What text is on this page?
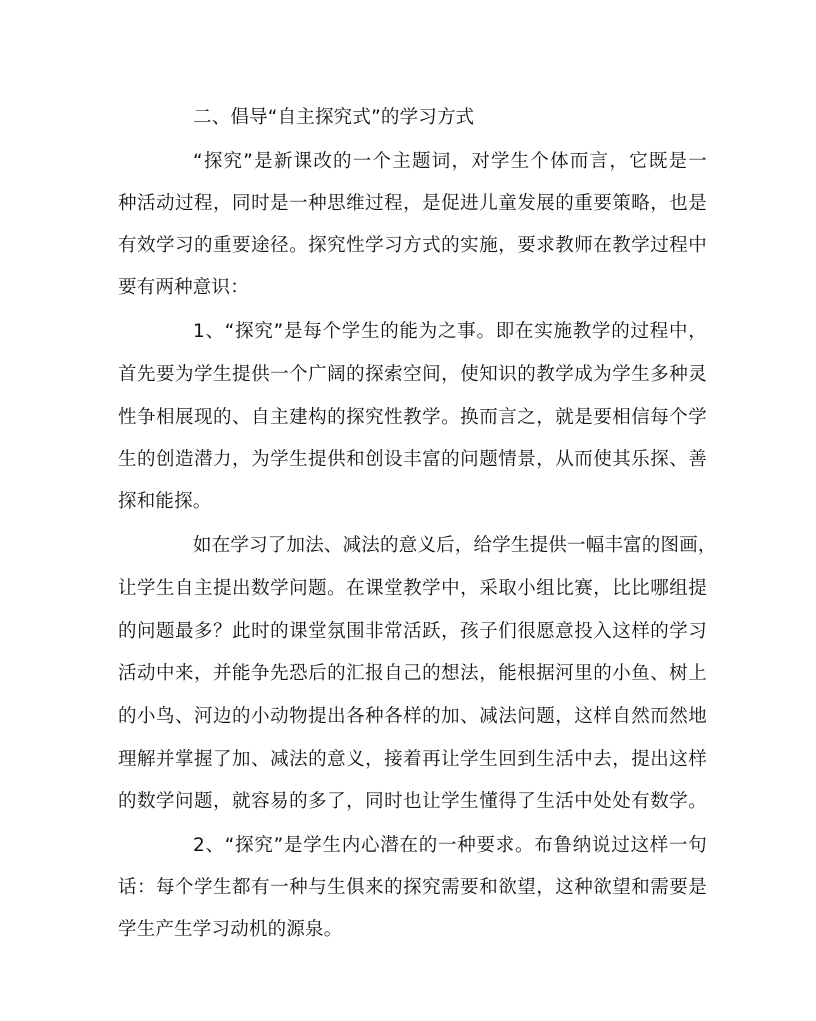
二、倡导“自主探究式”的学习方式
“探究”是新课改的一个主题词，对学生个体而言，它既是一
种活动过程，同时是一种思维过程，是促进儿童发展的重要策略，也是
有效学习的重要途径。探究性学习方式的实施，要求教师在教学过程中
要有两种意识：
1、“探究”是每个学生的能为之事。即在实施教学的过程中，
首先要为学生提供一个广阔的探索空间，使知识的教学成为学生多种灵
性争相展现的、自主建构的探究性教学。换而言之，就是要相信每个学
生的创造潜力，为学生提供和创设丰富的问题情景，从而使其乐探、善
探和能探。
如在学习了加法、减法的意义后，给学生提供一幅丰富的图画，
让学生自主提出数学问题。在课堂教学中，采取小组比赛，比比哪组提
的问题最多？此时的课堂氛围非常活跃，孩子们很愿意投入这样的学习
活动中来，并能争先恐后的汇报自己的想法，能根据河里的小鱼、树上
的小鸟、河边的小动物提出各种各样的加、减法问题，这样自然而然地
理解并掌握了加、减法的意义，接着再让学生回到生活中去，提出这样
的数学问题，就容易的多了，同时也让学生懂得了生活中处处有数学。
2、“探究”是学生内心潜在的一种要求。布鲁纳说过这样一句
话：每个学生都有一种与生俱来的探究需要和欲望，这种欲望和需要是
学生产生学习动机的源泉。
